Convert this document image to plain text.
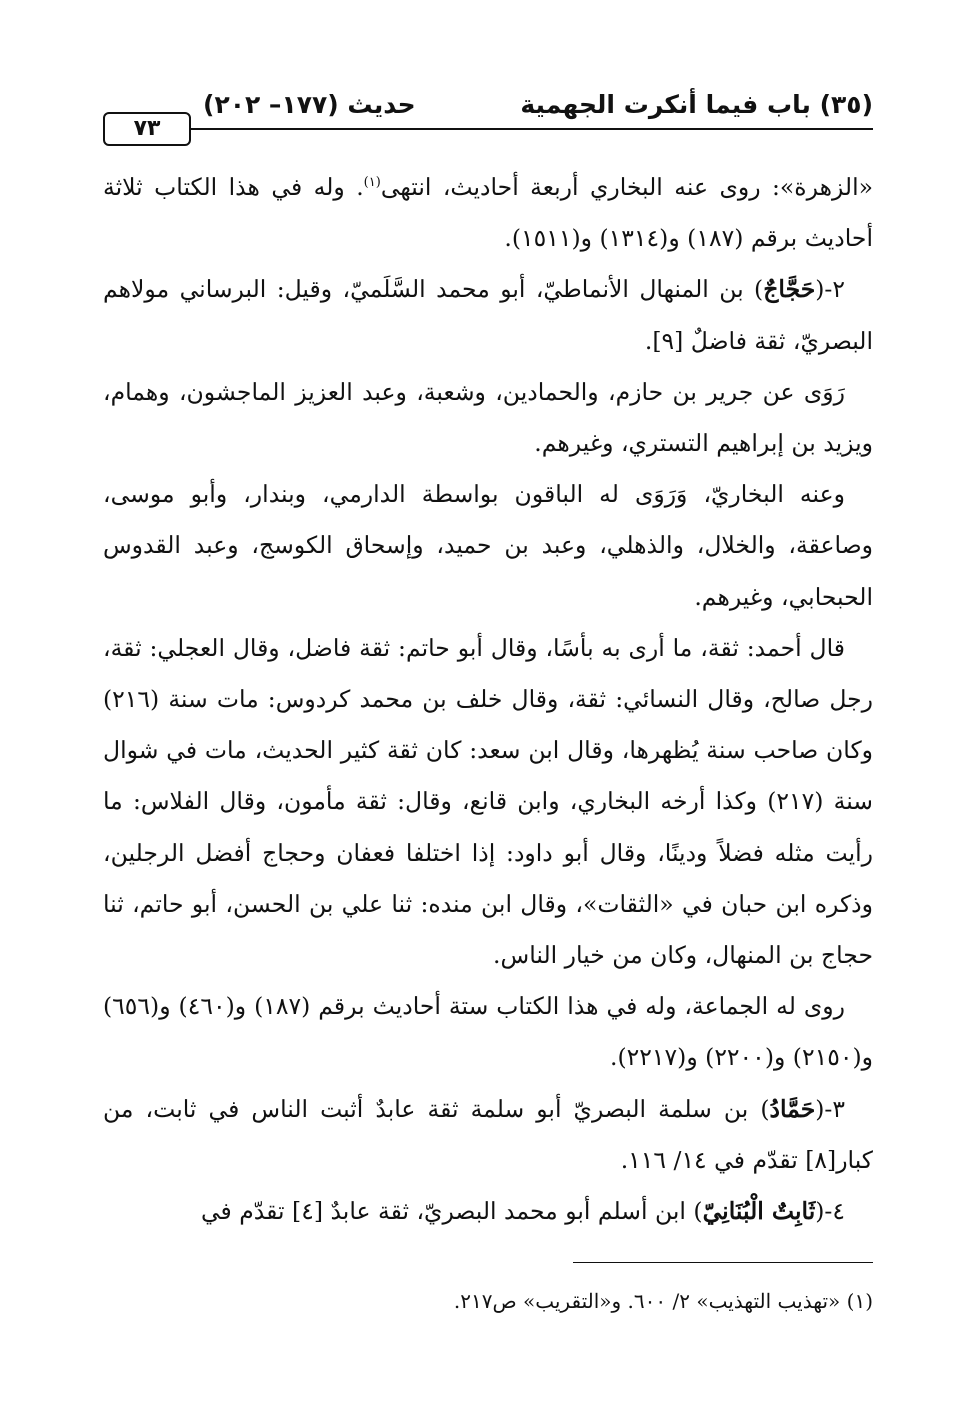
(٣٥) باب فيما أنكرت الجهمية
حديث (١٧٧– ٢٠٢)
٧٣

«الزهرة»: روى عنه البخاري أربعة أحاديث، انتهى$^{(١)}$. وله في هذا الكتاب ثلاثة أحاديث برقم (١٨٧) و(١٣١٤) و(١٥١١).

٢-(حَجَّاجٌ) بن المنهال الأنماطيّ، أبو محمد السَّلَميّ، وقيل: البرساني مولاهم البصريّ، ثقة فاضلٌ [٩].

رَوَى عن جرير بن حازم، والحمادين، وشعبة، وعبد العزيز الماجشون، وهمام، ويزيد بن إبراهيم التستري، وغيرهم.

وعنه البخاريّ، وَرَوَى له الباقون بواسطة الدارمي، وبندار، وأبو موسى، وصاعقة، والخلال، والذهلي، وعبد بن حميد، وإسحاق الكوسج، وعبد القدوس الحبحابي، وغيرهم.

قال أحمد: ثقة، ما أرى به بأسًا، وقال أبو حاتم: ثقة فاضل، وقال العجلي: ثقة، رجل صالح، وقال النسائي: ثقة، وقال خلف بن محمد كردوس: مات سنة (٢١٦) وكان صاحب سنة يُظهرها، وقال ابن سعد: كان ثقة كثير الحديث، مات في شوال سنة (٢١٧) وكذا أرخه البخاري، وابن قانع، وقال: ثقة مأمون، وقال الفلاس: ما رأيت مثله فضلاً ودينًا، وقال أبو داود: إذا اختلفا فعفان وحجاج أفضل الرجلين، وذكره ابن حبان في «الثقات»، وقال ابن منده: ثنا علي بن الحسن، أبو حاتم، ثنا حجاج بن المنهال، وكان من خيار الناس.

روى له الجماعة، وله في هذا الكتاب ستة أحاديث برقم (١٨٧) و(٤٦٠) و(٦٥٦) و(٢١٥٠) و(٢٢٠٠) و(٢٢١٧).

٣-(حَمَّادُ) بن سلمة البصريّ أبو سلمة ثقة عابدٌ أثبت الناس في ثابت، من كبار[٨] تقدّم في ١٤/ ١١٦.

٤-(ثَابِتٌ الْبُنَانِيّ) ابن أسلم أبو محمد البصريّ، ثقة عابدٌ [٤] تقدّم في

(١) «تهذيب التهذيب» ٢/ ٦٠٠. و«التقريب» ص٢١٧.
